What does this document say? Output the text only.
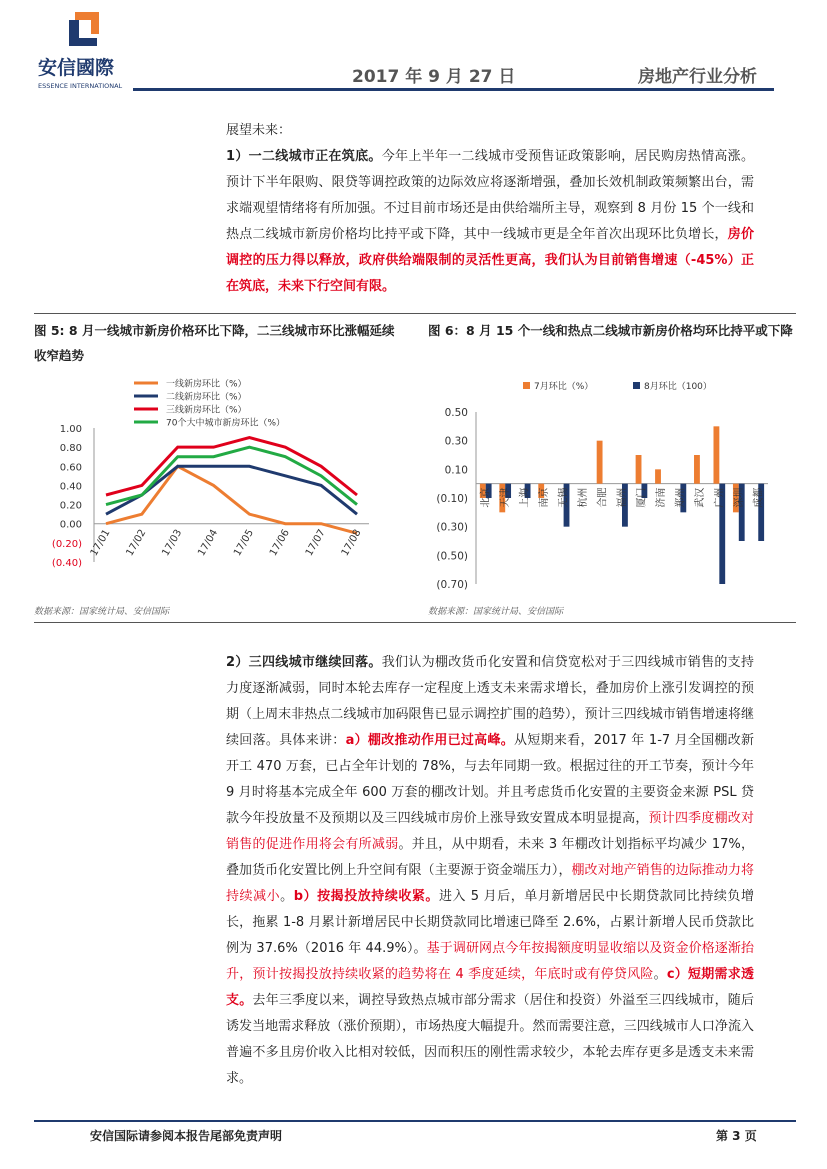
安信國際
ESSENCE INTERNATIONAL	2017 年 9 月 27 日	房地产行业分析
展望未来：
1）一二线城市正在筑底。今年上半年一二线城市受预售证政策影响，居民购房热情高涨。预计下半年限购、限贷等调控政策的边际效应将逐渐增强，叠加长效机制政策频繁出台，需求端观望情绪将有所加强。不过目前市场还是由供给端所主导，观察到 8 月份 15 个一线和热点二线城市新房价格均比持平或下降，其中一线城市更是全年首次出现环比负增长，房价调控的压力得以释放，政府供给端限制的灵活性更高，我们认为目前销售增速（-45%）正在筑底，未来下行空间有限。
图 5: 8 月一线城市新房价格环比下降，二三线城市环比涨幅延续收窄趋势
图 6：8 月 15 个一线和热点二线城市新房价格均环比持平或下降
一线新房环比（%）
二线新房环比（%）
三线新房环比（%）
70个大中城市新房环比（%）
1.00
0.80
0.60
0.40
0.20
0.00
(0.20)
(0.40)
17/01 17/02 17/03 17/04 17/05 17/06 17/07 17/08
7月环比（%）	8月环比（100）
0.50
0.30
0.10
(0.10)
(0.30)
(0.50)
(0.70)
北京 天津 上海 南京 无锡 杭州 合肥 福州 厦门 济南 郑州 武汉 广州 深圳 成都
数据来源：国家统计局、安信国际	数据来源：国家统计局、安信国际
2）三四线城市继续回落。我们认为棚改货币化安置和信贷宽松对于三四线城市销售的支持力度逐渐减弱，同时本轮去库存一定程度上透支未来需求增长，叠加房价上涨引发调控的预期（上周末非热点二线城市加码限售已显示调控扩围的趋势），预计三四线城市销售增速将继续回落。具体来讲：a）棚改推动作用已过高峰。从短期来看，2017 年 1-7 月全国棚改新开工 470 万套，已占全年计划的 78%，与去年同期一致。根据过往的开工节奏，预计今年 9 月时将基本完成全年 600 万套的棚改计划。并且考虑货币化安置的主要资金来源 PSL 贷款今年投放量不及预期以及三四线城市房价上涨导致安置成本明显提高，预计四季度棚改对销售的促进作用将会有所减弱。并且，从中期看，未来 3 年棚改计划指标平均减少 17%，叠加货币化安置比例上升空间有限（主要源于资金端压力），棚改对地产销售的边际推动力将持续减小。b）按揭投放持续收紧。进入 5 月后，单月新增居民中长期贷款同比持续负增长，拖累 1-8 月累计新增居民中长期贷款同比增速已降至 2.6%，占累计新增人民币贷款比例为 37.6%（2016 年 44.9%）。基于调研网点今年按揭额度明显收缩以及资金价格逐渐抬升，预计按揭投放持续收紧的趋势将在 4 季度延续，年底时或有停贷风险。c）短期需求透支。去年三季度以来，调控导致热点城市部分需求（居住和投资）外溢至三四线城市，随后诱发当地需求释放（涨价预期），市场热度大幅提升。然而需要注意，三四线城市人口净流入普遍不多且房价收入比相对较低，因而积压的刚性需求较少，本轮去库存更多是透支未来需求。
安信国际请参阅本报告尾部免责声明	第 3 页
